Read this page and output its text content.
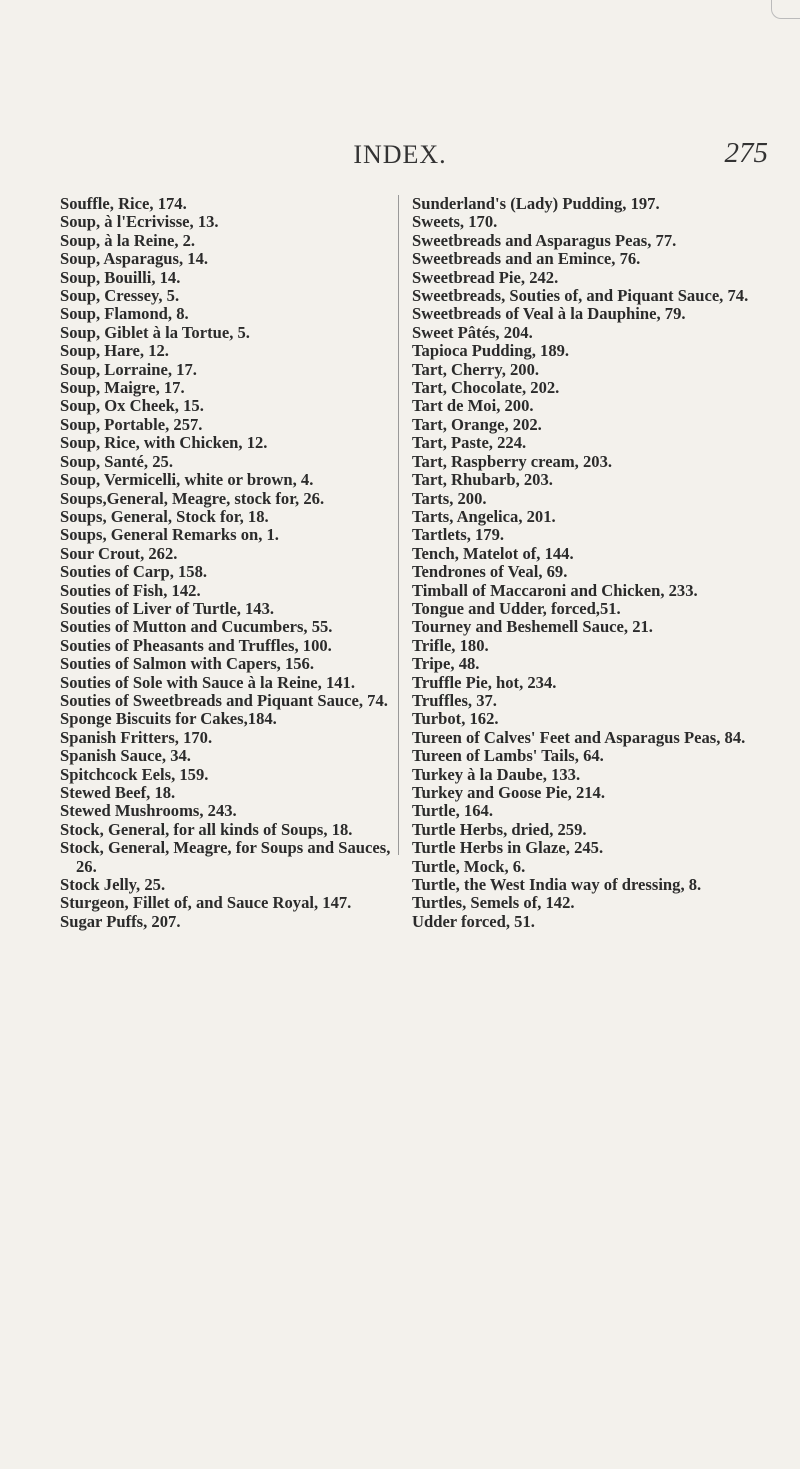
INDEX.	275
Souffle, Rice, 174.
Soup, à l'Ecrivisse, 13.
Soup, à la Reine, 2.
Soup, Asparagus, 14.
Soup, Bouilli, 14.
Soup, Cressey, 5.
Soup, Flamond, 8.
Soup, Giblet à la Tortue, 5.
Soup, Hare, 12.
Soup, Lorraine, 17.
Soup, Maigre, 17.
Soup, Ox Cheek, 15.
Soup, Portable, 257.
Soup, Rice, with Chicken, 12.
Soup, Santé, 25.
Soup, Vermicelli, white or brown, 4.
Soups,General, Meagre, stock for, 26.
Soups, General, Stock for, 18.
Soups, General Remarks on, 1.
Sour Crout, 262.
Souties of Carp, 158.
Souties of Fish, 142.
Souties of Liver of Turtle, 143.
Souties of Mutton and Cucumbers, 55.
Souties of Pheasants and Truffles, 100.
Souties of Salmon with Capers, 156.
Souties of Sole with Sauce à la Reine, 141.
Souties of Sweetbreads and Piquant Sauce, 74.
Sponge Biscuits for Cakes,184.
Spanish Fritters, 170.
Spanish Sauce, 34.
Spitchcock Eels, 159.
Stewed Beef, 18.
Stewed Mushrooms, 243.
Stock, General, for all kinds of Soups, 18.
Stock, General, Meagre, for Soups and Sauces, 26.
Stock Jelly, 25.
Sturgeon, Fillet of, and Sauce Royal, 147.
Sugar Puffs, 207.
Sunderland's (Lady) Pudding, 197.
Sweets, 170.
Sweetbreads and Asparagus Peas, 77.
Sweetbreads and an Emince, 76.
Sweetbread Pie, 242.
Sweetbreads, Souties of, and Piquant Sauce, 74.
Sweetbreads of Veal à la Dauphine, 79.
Sweet Pâtés, 204.
Tapioca Pudding, 189.
Tart, Cherry, 200.
Tart, Chocolate, 202.
Tart de Moi, 200.
Tart, Orange, 202.
Tart, Paste, 224.
Tart, Raspberry cream, 203.
Tart, Rhubarb, 203.
Tarts, 200.
Tarts, Angelica, 201.
Tartlets, 179.
Tench, Matelot of, 144.
Tendrones of Veal, 69.
Timball of Maccaroni and Chicken, 233.
Tongue and Udder, forced,51.
Tourney and Beshemell Sauce, 21.
Trifle, 180.
Tripe, 48.
Truffle Pie, hot, 234.
Truffles, 37.
Turbot, 162.
Tureen of Calves' Feet and Asparagus Peas, 84.
Tureen of Lambs' Tails, 64.
Turkey à la Daube, 133.
Turkey and Goose Pie, 214.
Turtle, 164.
Turtle Herbs, dried, 259.
Turtle Herbs in Glaze, 245.
Turtle, Mock, 6.
Turtle, the West India way of dressing, 8.
Turtles, Semels of, 142.
Udder forced, 51.
